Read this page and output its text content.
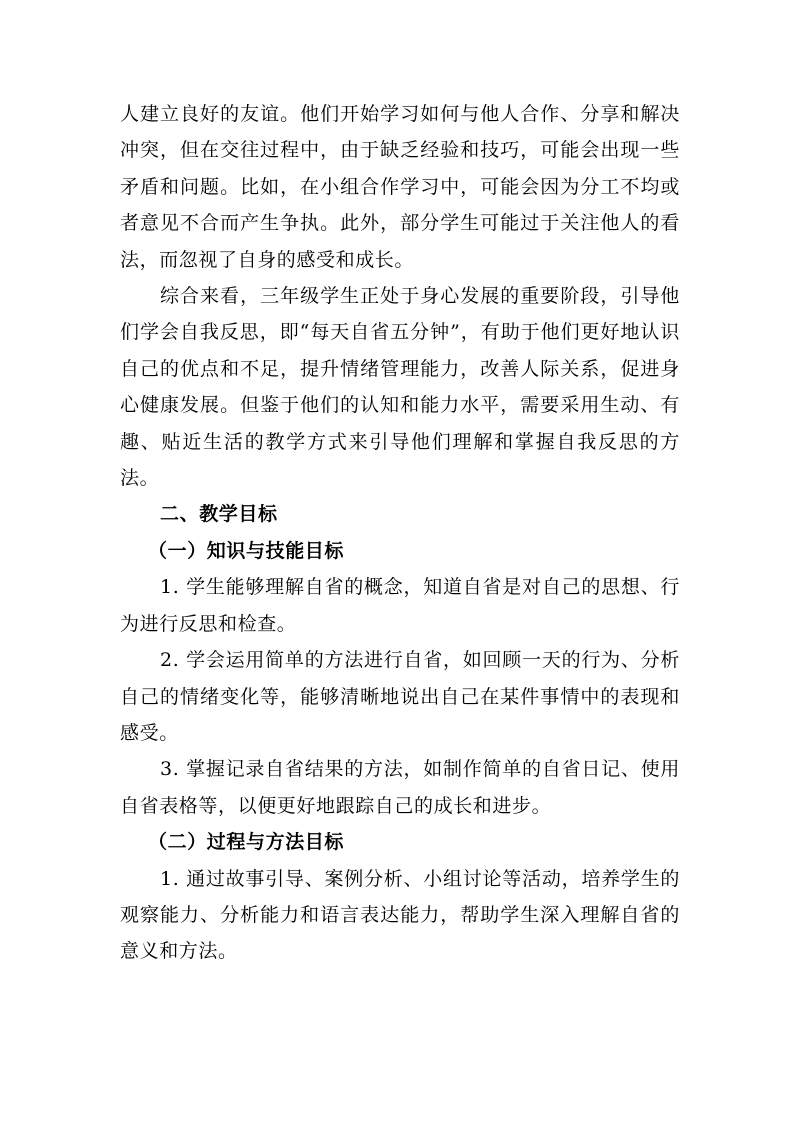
人建立良好的友谊。他们开始学习如何与他人合作、分享和解决冲突，但在交往过程中，由于缺乏经验和技巧，可能会出现一些矛盾和问题。比如，在小组合作学习中，可能会因为分工不均或者意见不合而产生争执。此外，部分学生可能过于关注他人的看法，而忽视了自身的感受和成长。

综合来看，三年级学生正处于身心发展的重要阶段，引导他们学会自我反思，即“每天自省五分钟”，有助于他们更好地认识自己的优点和不足，提升情绪管理能力，改善人际关系，促进身心健康发展。但鉴于他们的认知和能力水平，需要采用生动、有趣、贴近生活的教学方式来引导他们理解和掌握自我反思的方法。

二、教学目标

（一）知识与技能目标

1. 学生能够理解自省的概念，知道自省是对自己的思想、行为进行反思和检查。

2. 学会运用简单的方法进行自省，如回顾一天的行为、分析自己的情绪变化等，能够清晰地说出自己在某件事情中的表现和感受。

3. 掌握记录自省结果的方法，如制作简单的自省日记、使用自省表格等，以便更好地跟踪自己的成长和进步。

（二）过程与方法目标

1. 通过故事引导、案例分析、小组讨论等活动，培养学生的观察能力、分析能力和语言表达能力，帮助学生深入理解自省的意义和方法。
